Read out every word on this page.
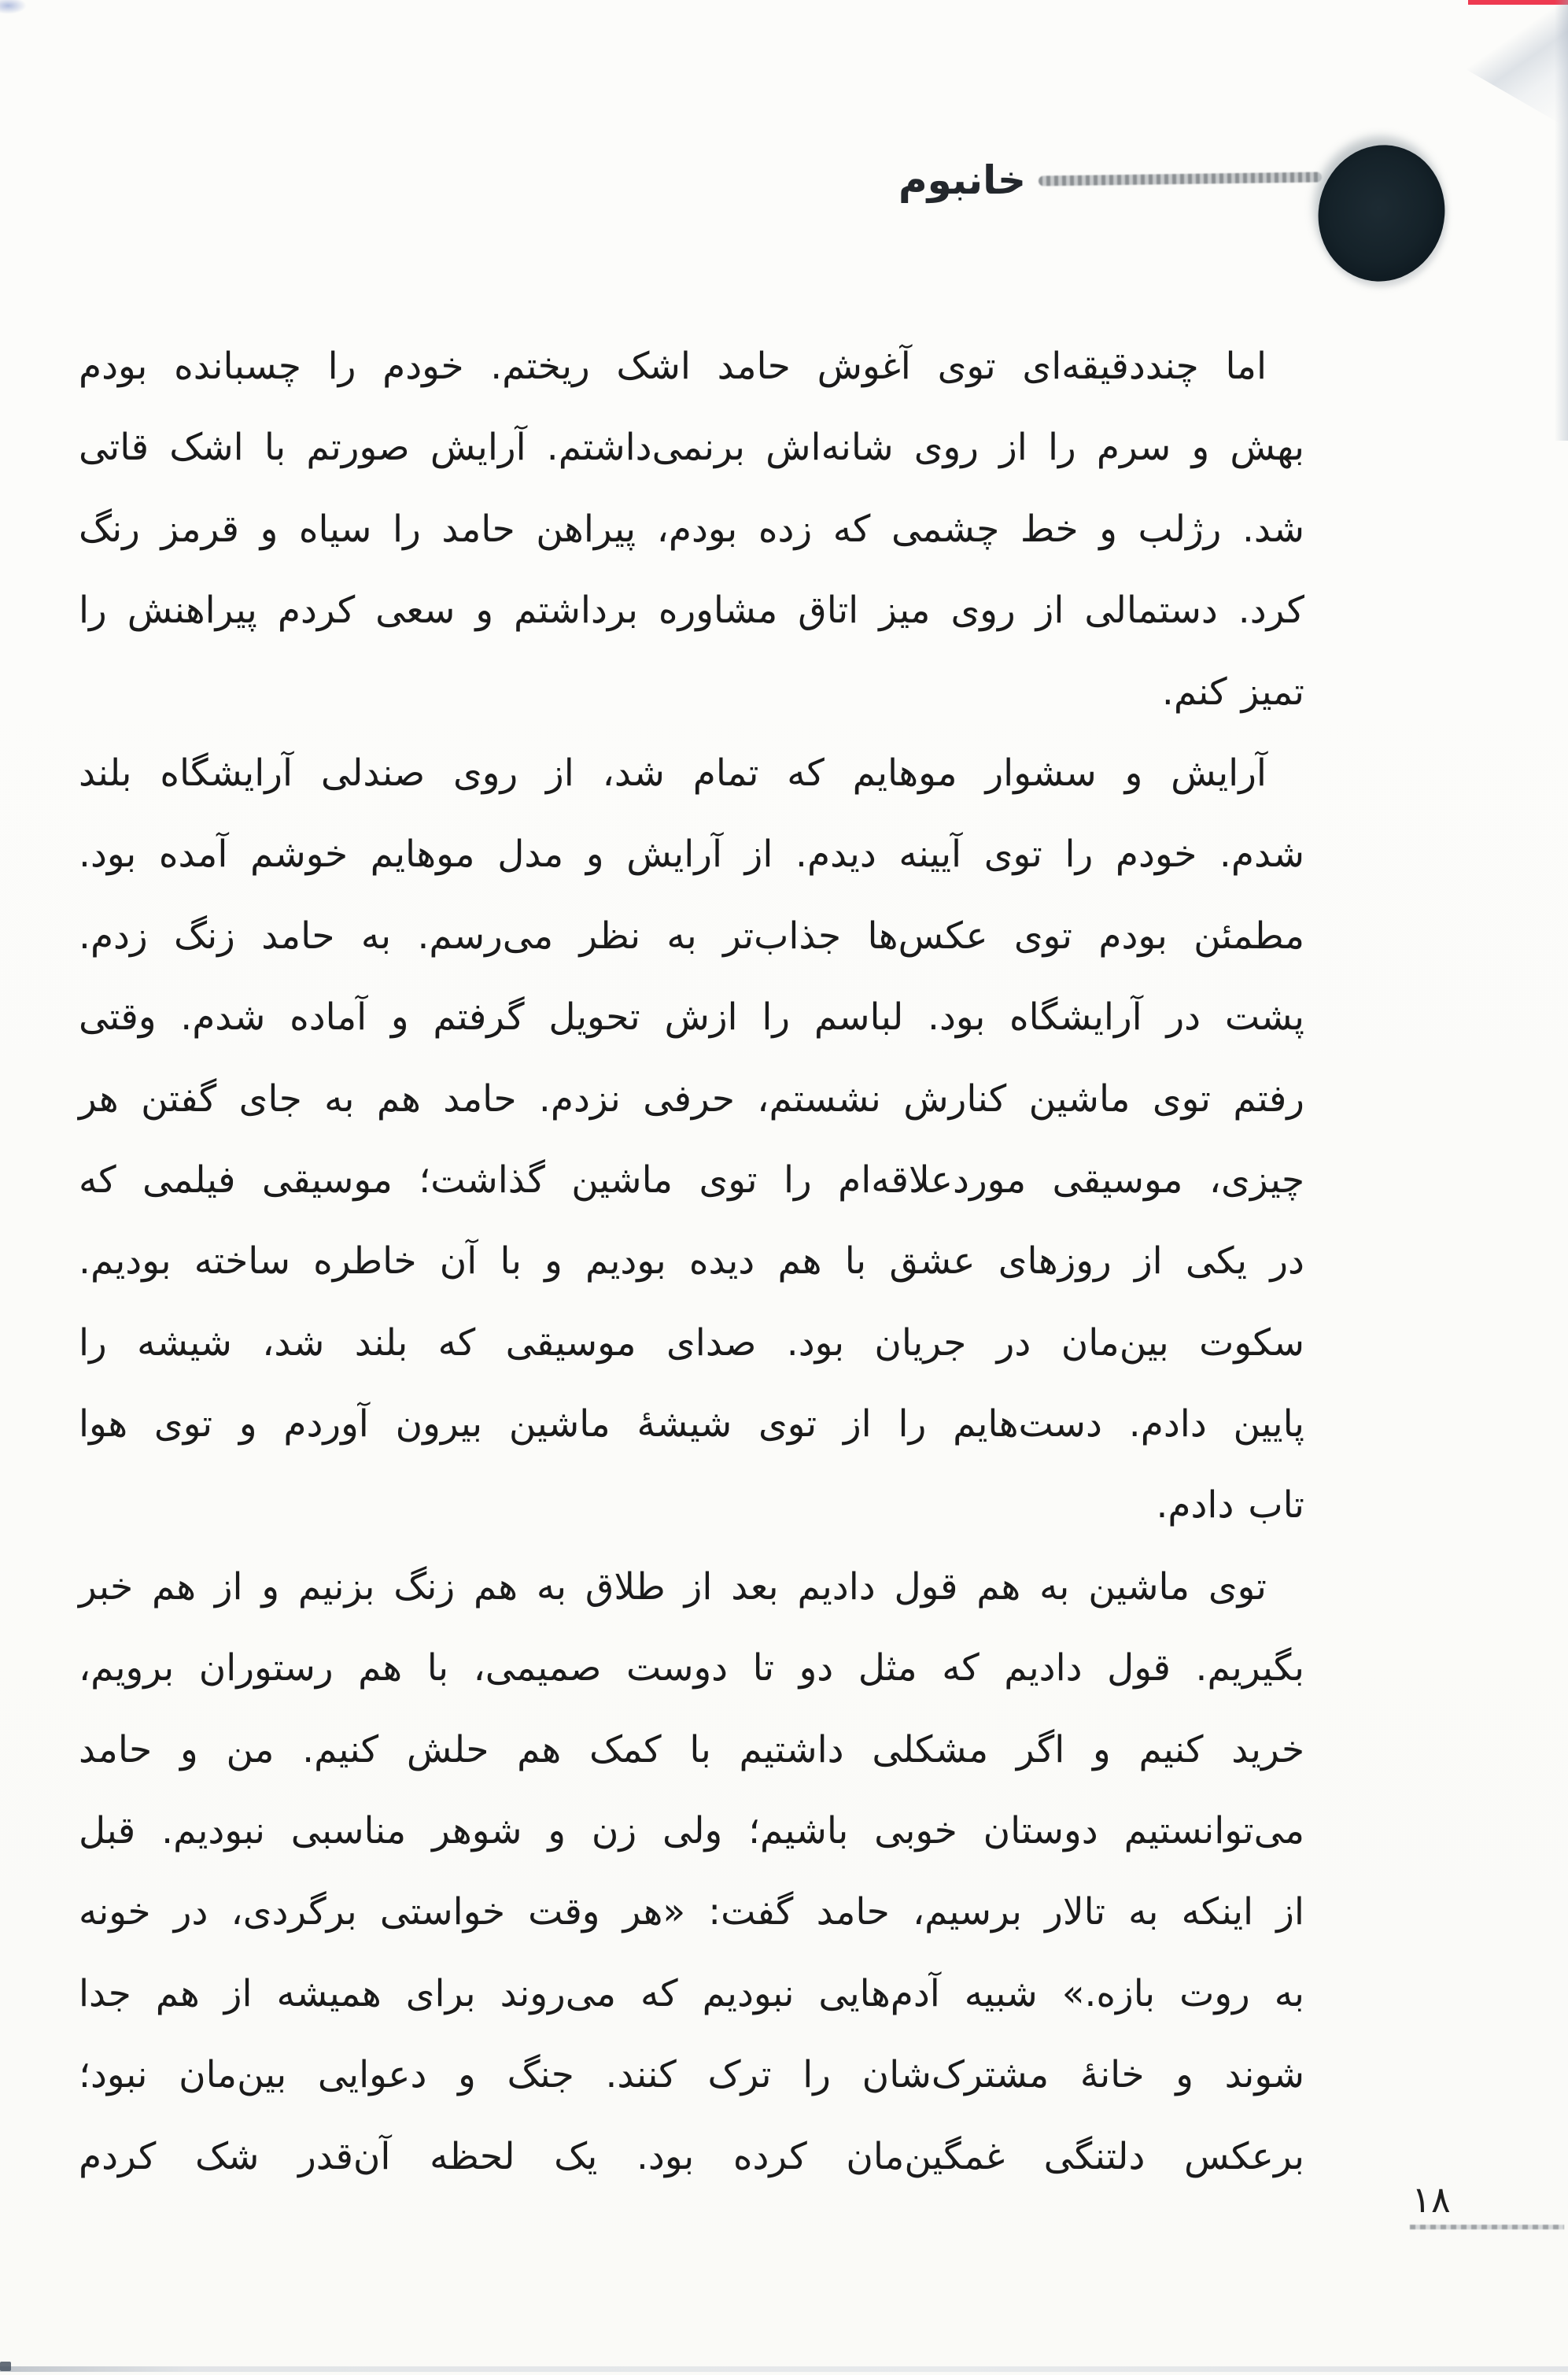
خانبوم
اما چنددقیقه‌ای توی آغوش حامد اشک ریختم. خودم را چسبانده بودم
بهش و سرم را از روی شانه‌اش برنمی‌داشتم. آرایش صورتم با اشک قاتی
شد. رژلب و خط چشمی که زده بودم، پیراهن حامد را سیاه و قرمز رنگ
کرد. دستمالی از روی میز اتاق مشاوره برداشتم و سعی کردم پیراهنش را
تمیز کنم.
آرایش و سشوار موهایم که تمام شد، از روی صندلی آرایشگاه بلند
شدم. خودم را توی آیینه دیدم. از آرایش و مدل موهایم خوشم آمده بود.
مطمئن بودم توی عکس‌ها جذاب‌تر به نظر می‌رسم. به حامد زنگ زدم.
پشت در آرایشگاه بود. لباسم را ازش تحویل گرفتم و آماده شدم. وقتی
رفتم توی ماشین کنارش نشستم، حرفی نزدم. حامد هم به جای گفتن هر
چیزی، موسیقی موردعلاقه‌ام را توی ماشین گذاشت؛ موسیقی فیلمی که
در یکی از روزهای عشق با هم دیده بودیم و با آن خاطره ساخته بودیم.
سکوت بین‌مان در جریان بود. صدای موسیقی که بلند شد، شیشه را
پایین دادم. دست‌هایم را از توی شیشهٔ ماشین بیرون آوردم و توی هوا
تاب دادم.
توی ماشین به هم قول دادیم بعد از طلاق به هم زنگ بزنیم و از هم خبر
بگیریم. قول دادیم که مثل دو تا دوست صمیمی، با هم رستوران برویم،
خرید کنیم و اگر مشکلی داشتیم با کمک هم حلش کنیم. من و حامد
می‌توانستیم دوستان خوبی باشیم؛ ولی زن و شوهر مناسبی نبودیم. قبل
از اینکه به تالار برسیم، حامد گفت: «هر وقت خواستی برگردی، در خونه
به روت بازه.» شبیه آدم‌هایی نبودیم که می‌روند برای همیشه از هم جدا
شوند و خانهٔ مشترک‌شان را ترک کنند. جنگ و دعوایی بین‌مان نبود؛
برعکس دلتنگی غمگین‌مان کرده بود. یک لحظه آن‌قدر شک کردم
۱۸
